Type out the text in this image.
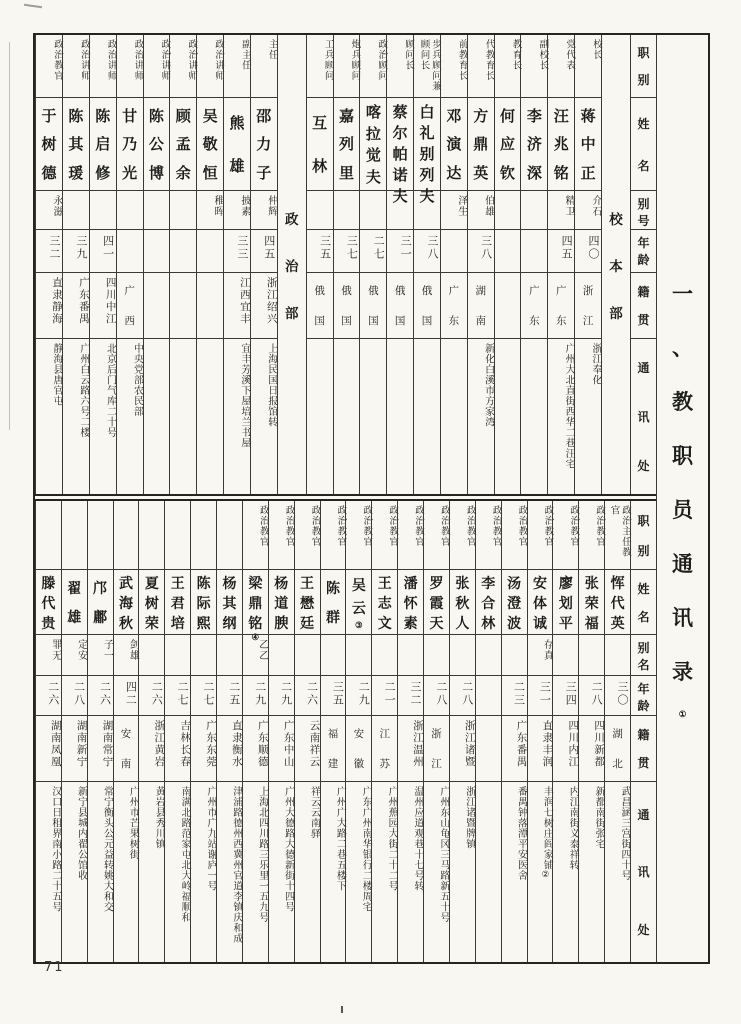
职
别
姓
名
别
号
年
龄
籍
贯
通
讯
处
校
本
部
校长
蒋
中
正
介石
四〇
浙
江
浙江奉化
党代表
汪
兆
铭
精卫
四五
广
东
广州大北直街西华二巷汪宅
副校长
李
济
深
广
东
教育长
何
应
钦
代教育长
方
鼎
英
伯雄
三八
湖
南
新化白溪市方家湾
前教育长
邓
演
达
泽生
广
东
步兵顾问兼顾问长
白
礼
别
列
夫
三八
俄
国
顾问长
蔡
尔
帕
诺
夫
三一
俄
国
政治顾问
喀
拉
觉
夫
二七
俄
国
炮兵顾问
嘉
列
里
三七
俄
国
工兵顾问
互
林
三五
俄
国
政
治
部
主任
邵
力
子
仲辉
四五
浙江绍兴
上海民国日报馆转
副主任
熊
雄
披素
三三
江西宜丰
宜丰芳溪下屋培兰书屋
政治讲师
吴
敬
恒
稚晖
政治讲师
顾
孟
余
政治讲师
陈
公
博
政治讲师
甘
乃
光
广
西
中央党部农民部
政治讲师
陈
启
修
四一
四川中江
北京后门气库二十号
政治讲师
陈
其
瑗
三九
广东番禺
广州白云路六号二楼
政治教官
于
树
德
永滋
三二
直隶静海
静海县唐官屯
职
别
姓
名
别
名
年
龄
籍
贯
通
讯
处
政治主任教官
恽
代
英
三〇
湖
北
武昌涵三宫街四十号
政治教官
张
荣
福
二八
四川新都
新都南街张宅
政治教官
廖
划
平
三四
四川内江
内江南街义泰祥转
政治教官
安
体
诚
存真
三一
直隶丰润
丰润七树庄阎家铺②
政治教官
汤
澄
波
二三
广东番禺
番禺钟落潭平安医舍
政治教官
李
合
林
政治教官
张
秋
人
二八
浙江诸暨
浙江诸暨牌镇
政治教官
罗
霞
天
二八
浙
江
广州东山龟冈三马路新五十号
政治教官
潘
怀
素
三二
浙江温州
温州应道观巷十七号转
政治教官
王
志
文
二一
江
苏
广州蕉园大街二十二号
政治教官
吴
云
③
二九
安
徽
广东广州南华银行二楼周宅
政治教官
陈
群
三五
福
建
广州广大路二巷五楼下
政治教官
王
懋
廷
二六
云南祥云
祥云云南驿
政治教官
杨
道
腴
二九
广东中山
广州大德路大德新街十四号
政治教官
梁
鼎
铭
④
乙乙
二九
广东顺德
上海北四川路三乐里一五九号
杨
其
纲
二五
直隶衡水
津浦路德州西冀州官道李镇庆和成
陈
际
熙
二七
广东东莞
广州市广九站谢庐一号
王
君
培
二七
吉林长春
南满北路范家屯北大岭福顺和
夏
树
荣
二六
浙江黄岩
黄岩县秀川镇
武
海
秋
剑雄
四二
安
南
广州市芒果树街
邝
鄘
子一
二六
湖南常宁
常宁衡头公元益转姚大和交
翟
雄
定安
二八
湖南新宁
新宁县城内翟公馆收
滕
代
贵
罪无
二六
湖南凤凰
汉口日租界南小路二十五号
一
、
教
职
员
通
讯
录
①
71
